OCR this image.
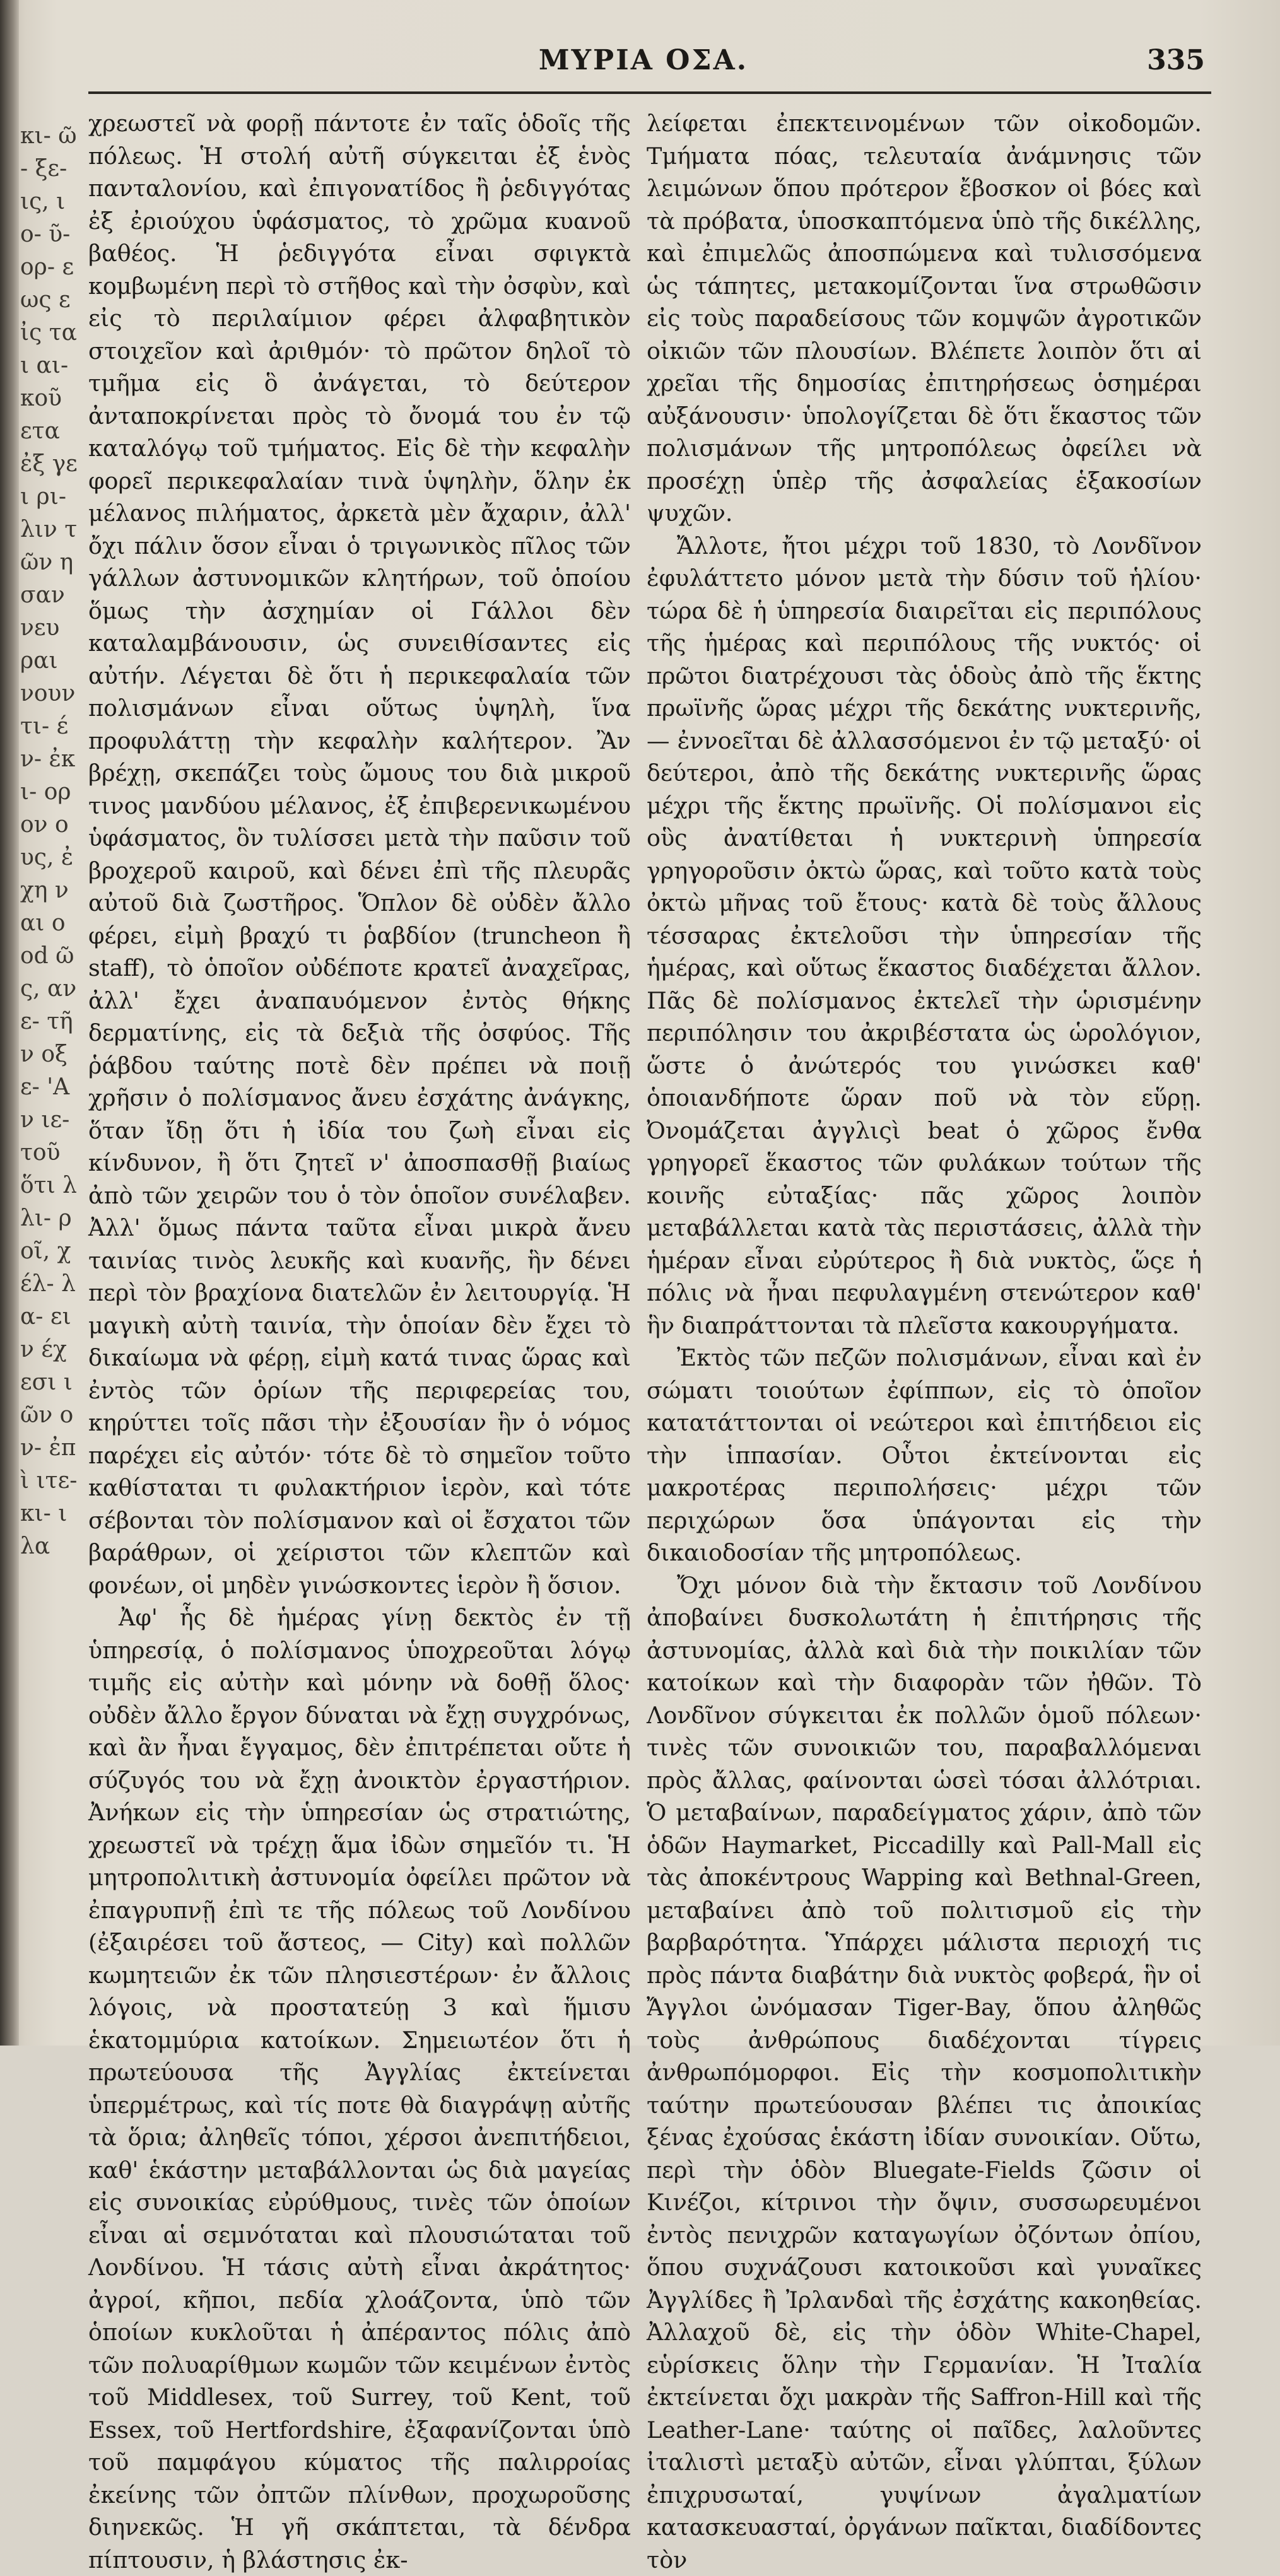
κι- ῶ- ξε- ις, ιο- ῦ- ορ- εως εἰς ται αι- κοῦ ετα ἐξ γει ρι- λιν τῶν ησαν νευ ραι νουν τι- έν- ἐκ ι- ορον ους, ἐχη ναι ood ῶς, ανε- τῆν οξε- 'Αν ιε- τοῦ ὅτι λλι- ροῖ, χέλ- λα- ειν έχεσι ιῶν ον- ἐπὶ ιτε- κι- ιλα
ΜΥΡΙΑ ΟΣΑ.	335

χρεωστεῖ νὰ φορῇ πάντοτε ἐν ταῖς ὁδοῖς τῆς πόλεως. Ἡ στολή αὐτῆ σύγκειται ἐξ ἑνὸς πανταλονίου, καὶ ἐπιγονατίδος ἢ ῥεδιγγότας ἐξ ἐριούχου ὑφάσματος, τὸ χρῶμα κυανοῦ βαθέος. Ἡ ῥεδιγγότα εἶναι σφιγκτὰ κομβωμένη περὶ τὸ στῆθος καὶ τὴν ὀσφὺν, καὶ εἰς τὸ περιλαίμιον φέρει ἀλφαβητικὸν στοιχεῖον καὶ ἀριθμόν· τὸ πρῶτον δηλοῖ τὸ τμῆμα εἰς ὃ ἀνάγεται, τὸ δεύτερον ἀνταποκρίνεται πρὸς τὸ ὄνομά του ἐν τῷ καταλόγῳ τοῦ τμήματος. Εἰς δὲ τὴν κεφαλὴν φορεῖ περικεφαλαίαν τινὰ ὑψηλὴν, ὅλην ἐκ μέλανος πιλήματος, ἀρκετὰ μὲν ἄχαριν, ἀλλ' ὄχι πάλιν ὅσον εἶναι ὁ τριγωνικὸς πῖλος τῶν γάλλων ἀστυνομικῶν κλητήρων, τοῦ ὁποίου ὅμως τὴν ἀσχημίαν οἱ Γάλλοι δὲν καταλαμβάνουσιν, ὡς συνειθίσαντες εἰς αὐτήν. Λέγεται δὲ ὅτι ἡ περικεφαλαία τῶν πολισμάνων εἶναι οὕτως ὑψηλὴ, ἵνα προφυλάττῃ τὴν κεφαλὴν καλήτερον. Ἂν βρέχῃ, σκεπάζει τοὺς ὤμους του διὰ μικροῦ τινος μανδύου μέλανος, ἐξ ἐπιβερενικωμένου ὑφάσματος, ὃν τυλίσσει μετὰ τὴν παῦσιν τοῦ βροχεροῦ καιροῦ, καὶ δένει ἐπὶ τῆς πλευρᾶς αὐτοῦ διὰ ζωστῆρος. Ὅπλον δὲ οὐδὲν ἄλλο φέρει, εἰμὴ βραχύ τι ῥαβδίον (truncheon ἢ staff), τὸ ὁποῖον οὐδέποτε κρατεῖ ἀναχεῖρας, ἀλλ' ἔχει ἀναπαυόμενον ἐντὸς θήκης δερματίνης, εἰς τὰ δεξιὰ τῆς ὀσφύος. Τῆς ῥάβδου ταύτης ποτὲ δὲν πρέπει νὰ ποιῇ χρῆσιν ὁ πολίσμανος ἄνευ ἐσχάτης ἀνάγκης, ὅταν ἴδῃ ὅτι ἡ ἰδία του ζωὴ εἶναι εἰς κίνδυνον, ἢ ὅτι ζητεῖ ν' ἀποσπασθῇ βιαίως ἀπὸ τῶν χειρῶν του ὁ τὸν ὁποῖον συνέλαβεν. Ἀλλ' ὅμως πάντα ταῦτα εἶναι μικρὰ ἄνευ ταινίας τινὸς λευκῆς καὶ κυανῆς, ἣν δένει περὶ τὸν βραχίονα διατελῶν ἐν λειτουργίᾳ. Ἡ μαγικὴ αὐτὴ ταινία, τὴν ὁποίαν δὲν ἔχει τὸ δικαίωμα νὰ φέρῃ, εἰμὴ κατά τινας ὥρας καὶ ἐντὸς τῶν ὁρίων τῆς περιφερείας του, κηρύττει τοῖς πᾶσι τὴν ἐξουσίαν ἣν ὁ νόμος παρέχει εἰς αὐτόν· τότε δὲ τὸ σημεῖον τοῦτο καθίσταται τι φυλακτήριον ἱερὸν, καὶ τότε σέβονται τὸν πολίσμανον καὶ οἱ ἔσχατοι τῶν βαράθρων, οἱ χείριστοι τῶν κλεπτῶν καὶ φονέων, οἱ μηδὲν γινώσκοντες ἱερὸν ἢ ὅσιον.

Ἀφ' ἧς δὲ ἡμέρας γίνῃ δεκτὸς ἐν τῇ ὑπηρεσίᾳ, ὁ πολίσμανος ὑποχρεοῦται λόγῳ τιμῆς εἰς αὐτὴν καὶ μόνην νὰ δοθῇ ὅλος· οὐδὲν ἄλλο ἔργον δύναται νὰ ἔχῃ συγχρόνως, καὶ ἂν ἦναι ἔγγαμος, δὲν ἐπιτρέπεται οὔτε ἡ σύζυγός του νὰ ἔχῃ ἀνοικτὸν ἐργαστήριον. Ἀνήκων εἰς τὴν ὑπηρεσίαν ὡς στρατιώτης, χρεωστεῖ νὰ τρέχῃ ἅμα ἰδὼν σημεῖόν τι. Ἡ μητροπολιτικὴ ἀστυνομία ὀφείλει πρῶτον νὰ ἐπαγρυπνῇ ἐπὶ τε τῆς πόλεως τοῦ Λονδίνου (ἐξαιρέσει τοῦ ἄστεος, — City) καὶ πολλῶν κωμητειῶν ἐκ τῶν πλησιεστέρων· ἐν ἄλλοις λόγοις, νὰ προστατεύῃ 3 καὶ ἥμισυ ἑκατομμύρια κατοίκων. Σημειωτέον ὅτι ἡ πρωτεύουσα τῆς Ἀγγλίας ἐκτείνεται ὑπερμέτρως, καὶ τίς ποτε θὰ διαγράψῃ αὐτῆς τὰ ὅρια; ἀληθεῖς τόποι, χέρσοι ἀνεπιτήδειοι, καθ' ἑκάστην μεταβάλλονται ὡς διὰ μαγείας εἰς συνοικίας εὐρύθμους, τινὲς τῶν ὁποίων εἶναι αἱ σεμνόταται καὶ πλουσιώταται τοῦ Λονδίνου. Ἡ τάσις αὐτὴ εἶναι ἀκράτητος· ἀγροί, κῆποι, πεδία χλοάζοντα, ὑπὸ τῶν ὁποίων κυκλοῦται ἡ ἀπέραντος πόλις ἀπὸ τῶν πολυαρίθμων κωμῶν τῶν κειμένων ἐντὸς τοῦ Middlesex, τοῦ Surrey, τοῦ Kent, τοῦ Essex, τοῦ Hertfordshire, ἐξαφανίζονται ὑπὸ τοῦ παμφάγου κύματος τῆς παλιρροίας ἐκείνης τῶν ὀπτῶν πλίνθων, προχωροῦσης διηνεκῶς. Ἡ γῆ σκάπτεται, τὰ δένδρα πίπτουσιν, ἡ βλάστησις ἐκ-

λείφεται ἐπεκτεινομένων τῶν οἰκοδομῶν. Τμήματα πόας, τελευταία ἀνάμνησις τῶν λειμώνων ὅπου πρότερον ἔβοσκον οἱ βόες καὶ τὰ πρόβατα, ὑποσκαπτόμενα ὑπὸ τῆς δικέλλης, καὶ ἐπιμελῶς ἀποσπώμενα καὶ τυλισσόμενα ὡς τάπητες, μετακομίζονται ἵνα στρωθῶσιν εἰς τοὺς παραδείσους τῶν κομψῶν ἀγροτικῶν οἰκιῶν τῶν πλουσίων. Βλέπετε λοιπὸν ὅτι αἱ χρεῖαι τῆς δημοσίας ἐπιτηρήσεως ὁσημέραι αὐξάνουσιν· ὑπολογίζεται δὲ ὅτι ἕκαστος τῶν πολισμάνων τῆς μητροπόλεως ὀφείλει νὰ προσέχῃ ὑπὲρ τῆς ἀσφαλείας ἑξακοσίων ψυχῶν.

Ἄλλοτε, ἤτοι μέχρι τοῦ 1830, τὸ Λονδῖνον ἐφυλάττετο μόνον μετὰ τὴν δύσιν τοῦ ἡλίου· τώρα δὲ ἡ ὑπηρεσία διαιρεῖται εἰς περιπόλους τῆς ἡμέρας καὶ περιπόλους τῆς νυκτός· οἱ πρῶτοι διατρέχουσι τὰς ὁδοὺς ἀπὸ τῆς ἕκτης πρωϊνῆς ὥρας μέχρι τῆς δεκάτης νυκτερινῆς, — ἐννοεῖται δὲ ἀλλασσόμενοι ἐν τῷ μεταξύ· οἱ δεύτεροι, ἀπὸ τῆς δεκάτης νυκτερινῆς ὥρας μέχρι τῆς ἕκτης πρωϊνῆς. Οἱ πολίσμανοι εἰς οὓς ἀνατίθεται ἡ νυκτερινὴ ὑπηρεσία γρηγοροῦσιν ὀκτὼ ὥρας, καὶ τοῦτο κατὰ τοὺς ὀκτὼ μῆνας τοῦ ἔτους· κατὰ δὲ τοὺς ἄλλους τέσσαρας ἐκτελοῦσι τὴν ὑπηρεσίαν τῆς ἡμέρας, καὶ οὕτως ἕκαστος διαδέχεται ἄλλον. Πᾶς δὲ πολίσμανος ἐκτελεῖ τὴν ὡρισμένην περιπόλησιν του ἀκριβέστατα ὡς ὡρολόγιον, ὥστε ὁ ἀνώτερός του γινώσκει καθ' ὁποιανδήποτε ὥραν ποῦ νὰ τὸν εὕρῃ. Ὀνομάζεται ἀγγλιςὶ beat ὁ χῶρος ἔνθα γρηγορεῖ ἕκαστος τῶν φυλάκων τούτων τῆς κοινῆς εὐταξίας· πᾶς χῶρος λοιπὸν μεταβάλλεται κατὰ τὰς περιστάσεις, ἀλλὰ τὴν ἡμέραν εἶναι εὐρύτερος ἢ διὰ νυκτὸς, ὥςε ἡ πόλις νὰ ἦναι πεφυλαγμένη στενώτερον καθ' ἣν διαπράττονται τὰ πλεῖστα κακουργήματα.

Ἐκτὸς τῶν πεζῶν πολισμάνων, εἶναι καὶ ἐν σώματι τοιούτων ἐφίππων, εἰς τὸ ὁποῖον κατατάττονται οἱ νεώτεροι καὶ ἐπιτήδειοι εἰς τὴν ἱππασίαν. Οὗτοι ἐκτείνονται εἰς μακροτέρας περιπολήσεις· μέχρι τῶν περιχώρων ὅσα ὑπάγονται εἰς τὴν δικαιοδοσίαν τῆς μητροπόλεως.

Ὄχι μόνον διὰ τὴν ἔκτασιν τοῦ Λονδίνου ἀποβαίνει δυσκολωτάτη ἡ ἐπιτήρησις τῆς ἀστυνομίας, ἀλλὰ καὶ διὰ τὴν ποικιλίαν τῶν κατοίκων καὶ τὴν διαφορὰν τῶν ἠθῶν. Τὸ Λονδῖνον σύγκειται ἐκ πολλῶν ὁμοῦ πόλεων· τινὲς τῶν συνοικιῶν του, παραβαλλόμεναι πρὸς ἄλλας, φαίνονται ὡσεὶ τόσαι ἀλλότριαι. Ὁ μεταβαίνων, παραδείγματος χάριν, ἀπὸ τῶν ὁδῶν Haymarket, Piccadilly καὶ Pall-Mall εἰς τὰς ἀποκέντρους Wapping καὶ Bethnal-Green, μεταβαίνει ἀπὸ τοῦ πολιτισμοῦ εἰς τὴν βαρβαρότητα. Ὑπάρχει μάλιστα περιοχή τις πρὸς πάντα διαβάτην διὰ νυκτὸς φοβερά, ἣν οἱ Ἄγγλοι ὠνόμασαν Tiger-Bay, ὅπου ἀληθῶς τοὺς ἀνθρώπους διαδέχονται τίγρεις ἀνθρωπόμορφοι. Εἰς τὴν κοσμοπολιτικὴν ταύτην πρωτεύουσαν βλέπει τις ἀποικίας ξένας ἐχούσας ἑκάστη ἰδίαν συνοικίαν. Οὕτω, περὶ τὴν ὁδὸν Bluegate-Fields ζῶσιν οἱ Κινέζοι, κίτρινοι τὴν ὄψιν, συσσωρευμένοι ἐντὸς πενιχρῶν καταγωγίων ὀζόντων ὀπίου, ὅπου συχνάζουσι κατοικοῦσι καὶ γυναῖκες Ἀγγλίδες ἢ Ἰρλανδαὶ τῆς ἐσχάτης κακοηθείας. Ἀλλαχοῦ δὲ, εἰς τὴν ὁδὸν White-Chapel, εὑρίσκεις ὅλην τὴν Γερμανίαν. Ἡ Ἰταλία ἐκτείνεται ὄχι μακρὰν τῆς Saffron-Hill καὶ τῆς Leather-Lane· ταύτης οἱ παῖδες, λαλοῦντες ἰταλιστὶ μεταξὺ αὐτῶν, εἶναι γλύπται, ξύλων ἐπιχρυσωταί, γυψίνων ἀγαλματίων κατασκευασταί, ὀργάνων παῖκται, διαδίδοντες τὸν
